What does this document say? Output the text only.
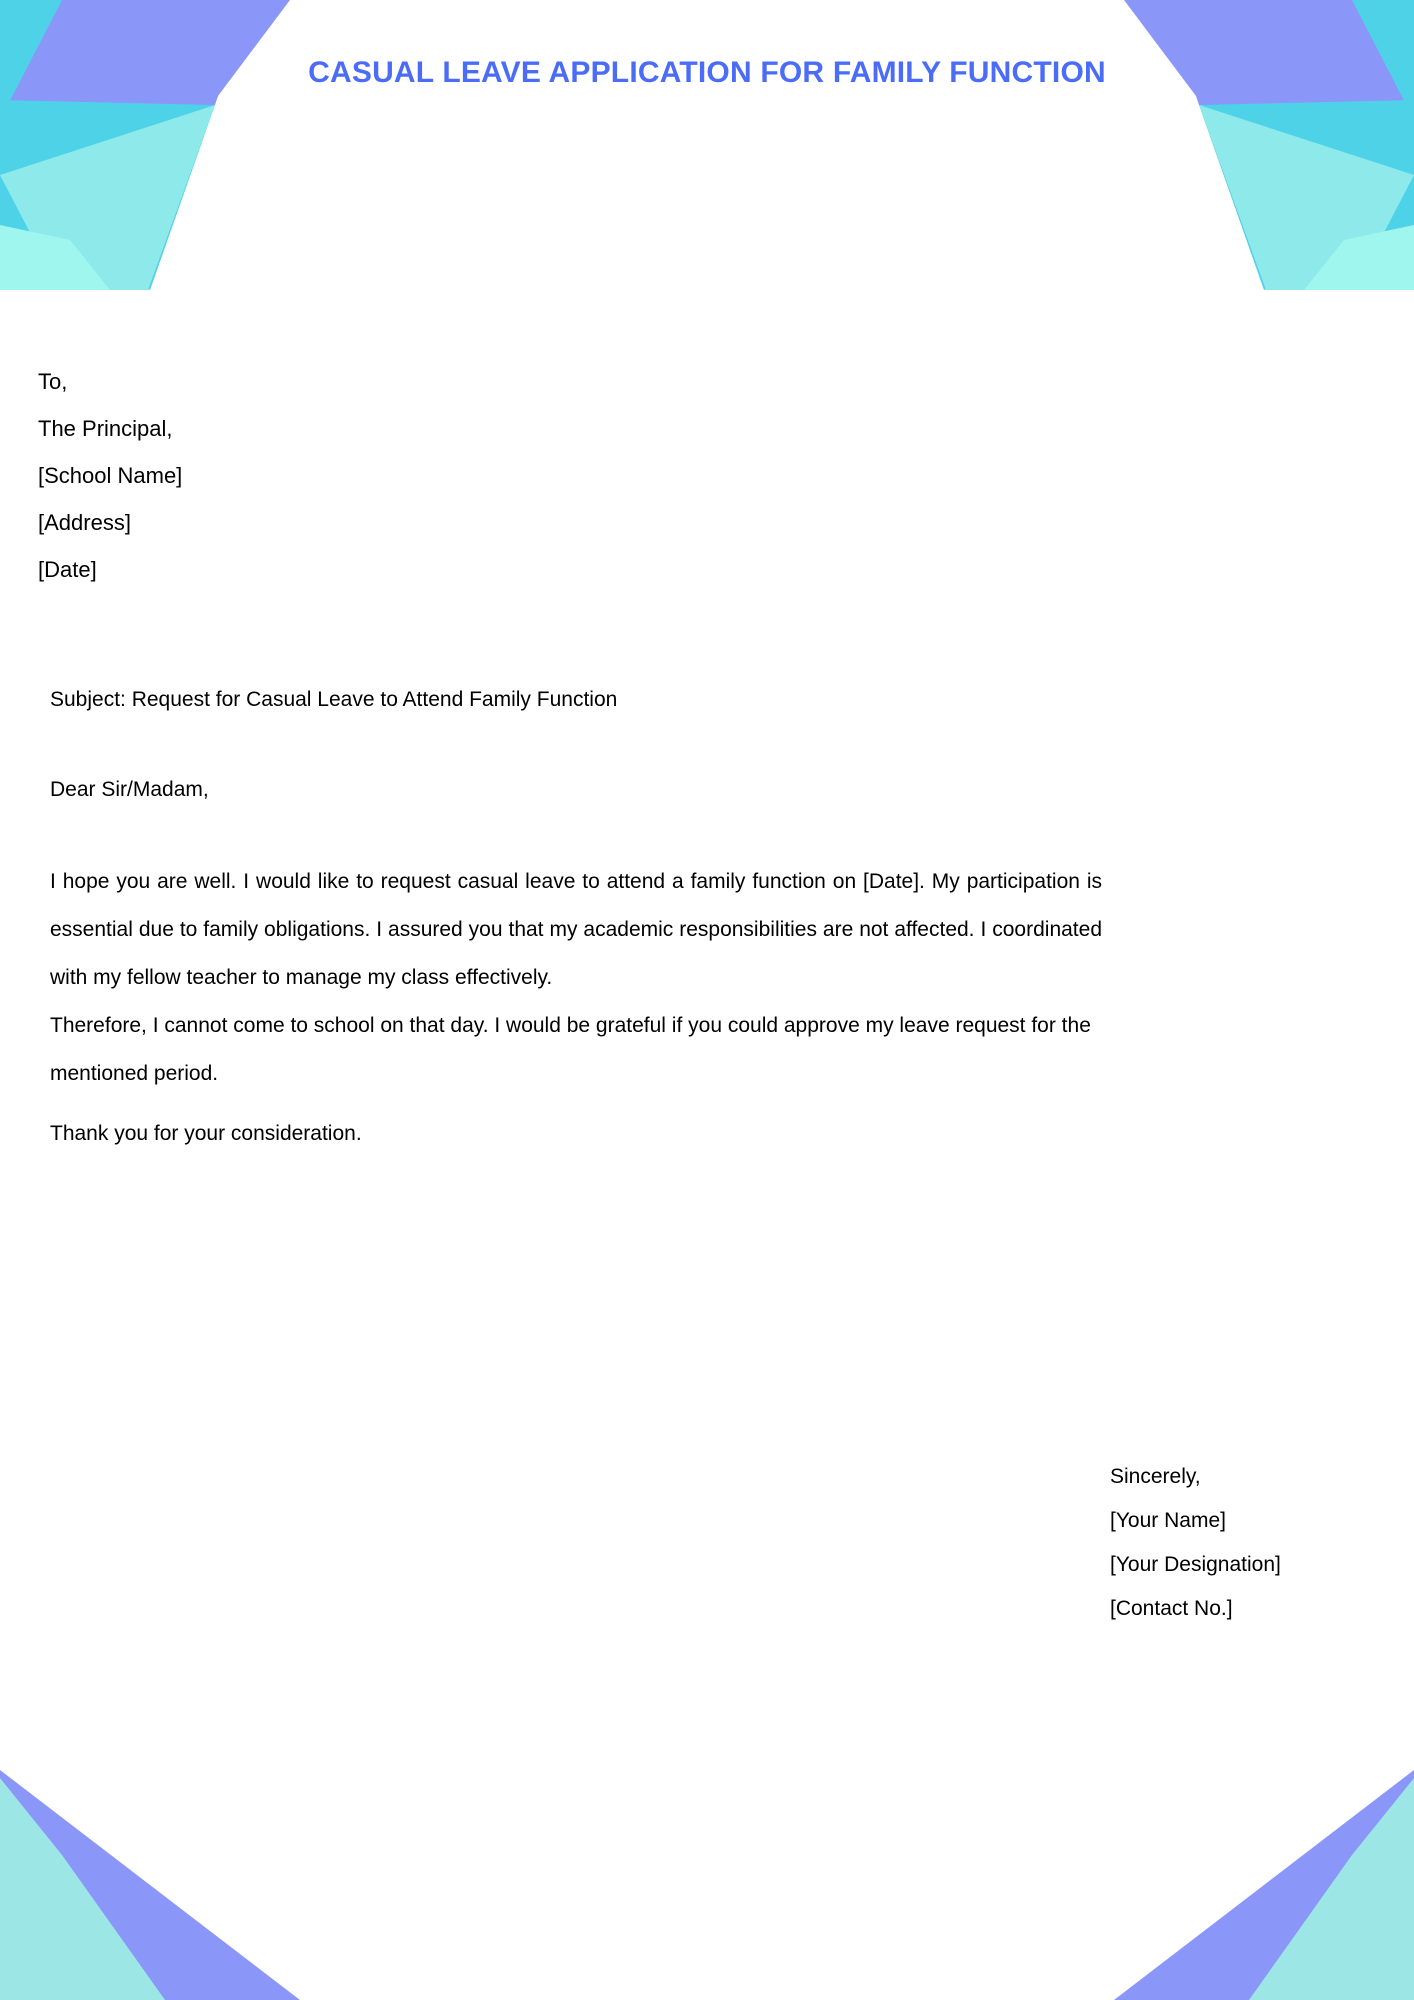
CASUAL LEAVE APPLICATION FOR FAMILY FUNCTION
To,
The Principal,
[School Name]
[Address]
[Date]
Subject: Request for Casual Leave to Attend Family Function
Dear Sir/Madam,

I hope you are well. I would like to request casual leave to attend a family function on [Date]. My participation is essential due to family obligations. I assured you that my academic responsibilities are not affected. I coordinated with my fellow teacher to manage my class effectively.

Therefore, I cannot come to school on that day. I would be grateful if you could approve my leave request for the mentioned period.

Thank you for your consideration.
Sincerely,
[Your Name]
[Your Designation]
[Contact No.]
